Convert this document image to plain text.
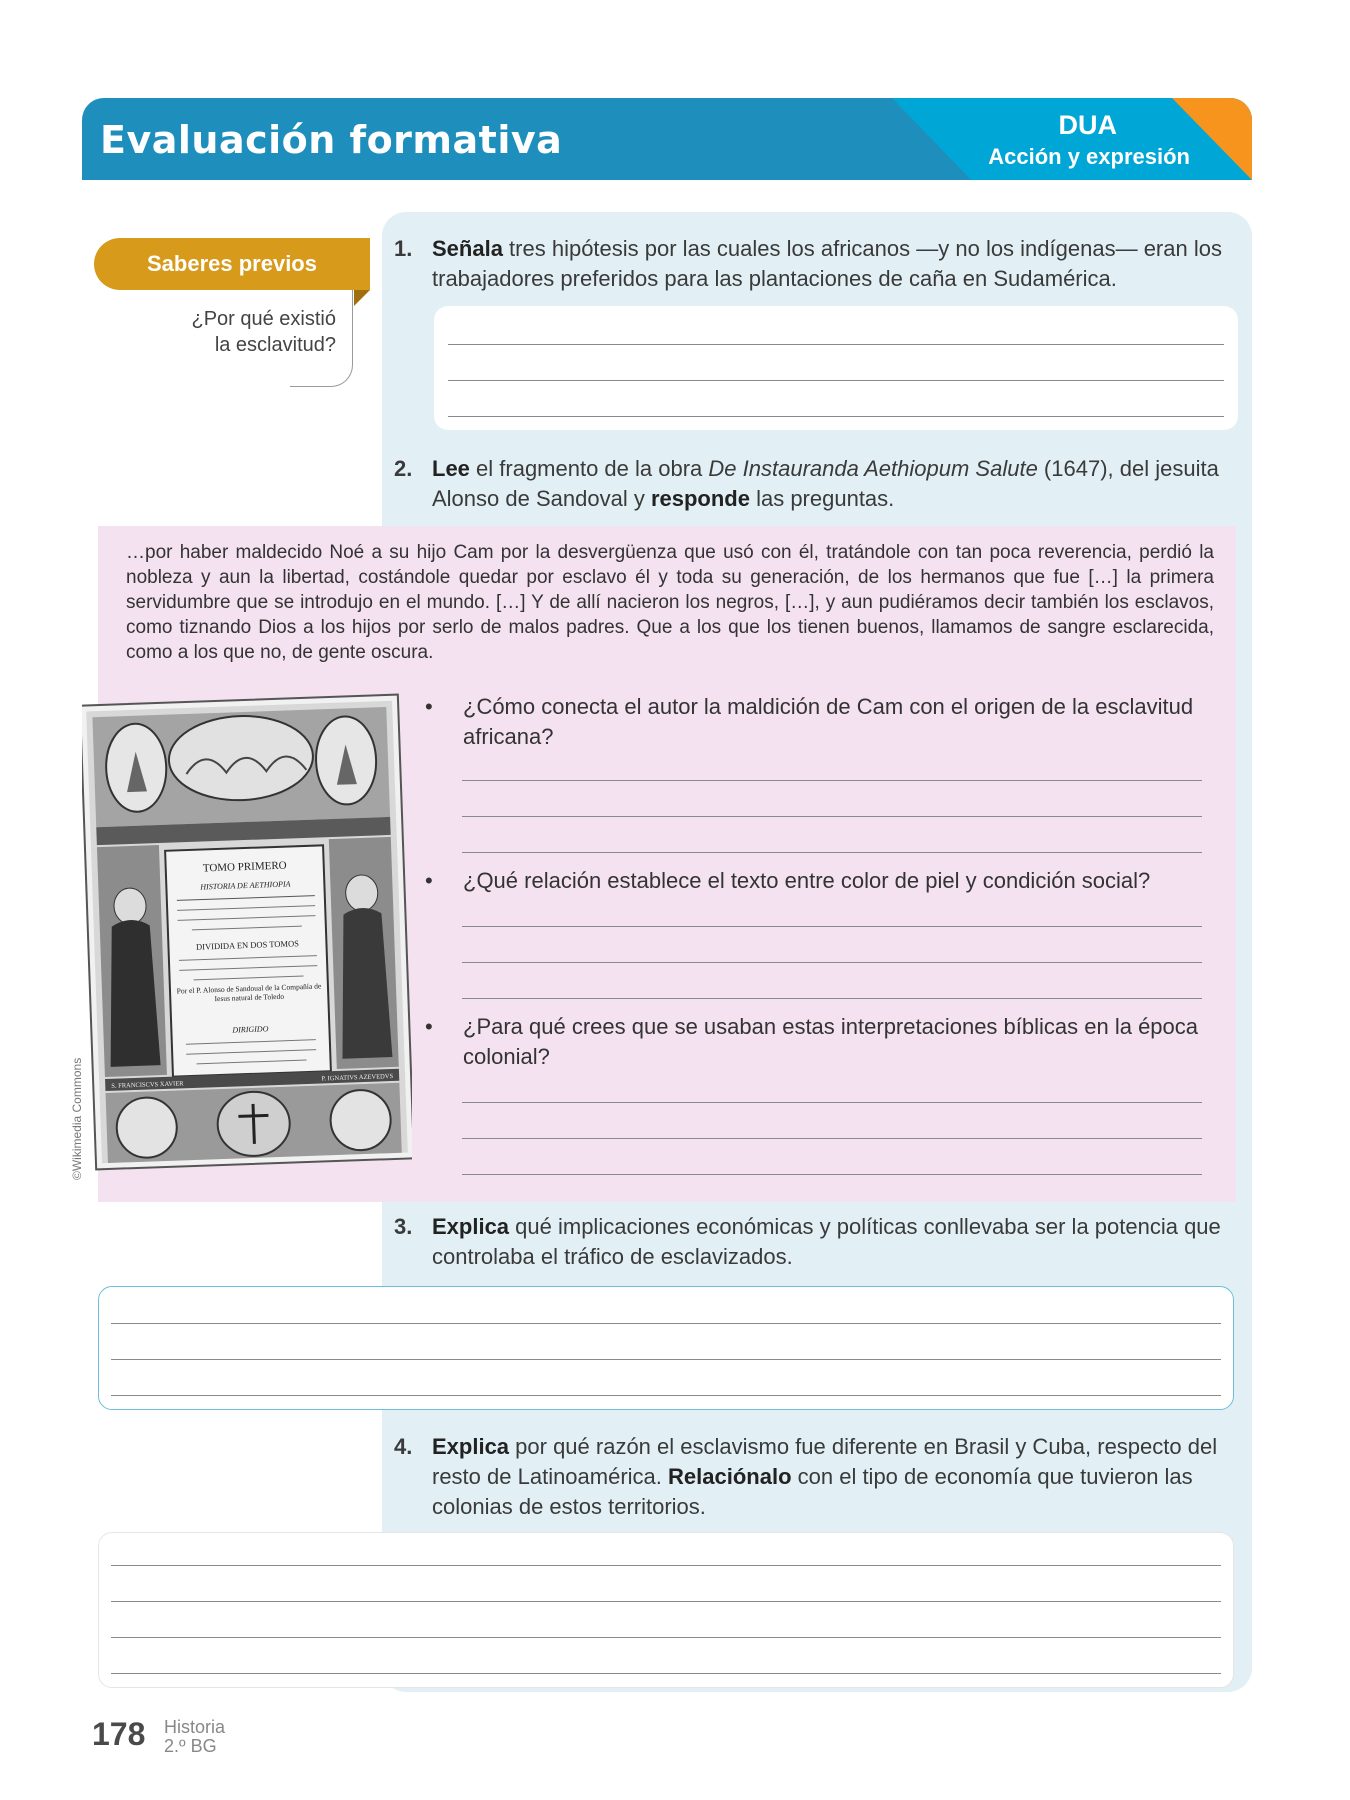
Evaluación formativa	DUA
Acción y expresión
Saberes previos
¿Por qué existió
la esclavitud?
1. Señala tres hipótesis por las cuales los africanos —y no los indígenas— eran los
trabajadores preferidos para las plantaciones de caña en Sudamérica.
2. Lee el fragmento de la obra De Instauranda Aethiopum Salute (1647), del jesuita
Alonso de Sandoval y responde las preguntas.
…por haber maldecido Noé a su hijo Cam por la desvergüenza que usó con él, tratándole con tan poca reverencia, perdió la nobleza y aun la libertad, costándole quedar por esclavo él y toda su generación, de los hermanos que fue […] la primera servidumbre que se introdujo en el mundo. […] Y de allí nacieron los negros, […], y aun pudiéramos decir también los esclavos, como tiznando Dios a los hijos por serlo de malos padres. Que a los que los tienen buenos, llamamos de sangre esclarecida, como a los que no, de gente oscura.
TOMO PRIMERO
HISTORIA DE AETHIOPIA
DIVIDIDA EN DOS TOMOS
Por el P. Alonso de Sandoual de la Compañía de Iesus natural de Toledo
DIRIGIDO
S. FRANCISCVS XAVIER
P. IGNATIVS AZEVEDVS
©Wikimedia Commons
• ¿Cómo conecta el autor la maldición de Cam con el origen de la esclavitud africana?
• ¿Qué relación establece el texto entre color de piel y condición social?
• ¿Para qué crees que se usaban estas interpretaciones bíblicas en la época colonial?
3. Explica qué implicaciones económicas y políticas conllevaba ser la potencia que
controlaba el tráfico de esclavizados.
4. Explica por qué razón el esclavismo fue diferente en Brasil y Cuba, respecto del
resto de Latinoamérica. Relaciónalo con el tipo de economía que tuvieron las
colonias de estos territorios.
178 Historia
2.º BG
